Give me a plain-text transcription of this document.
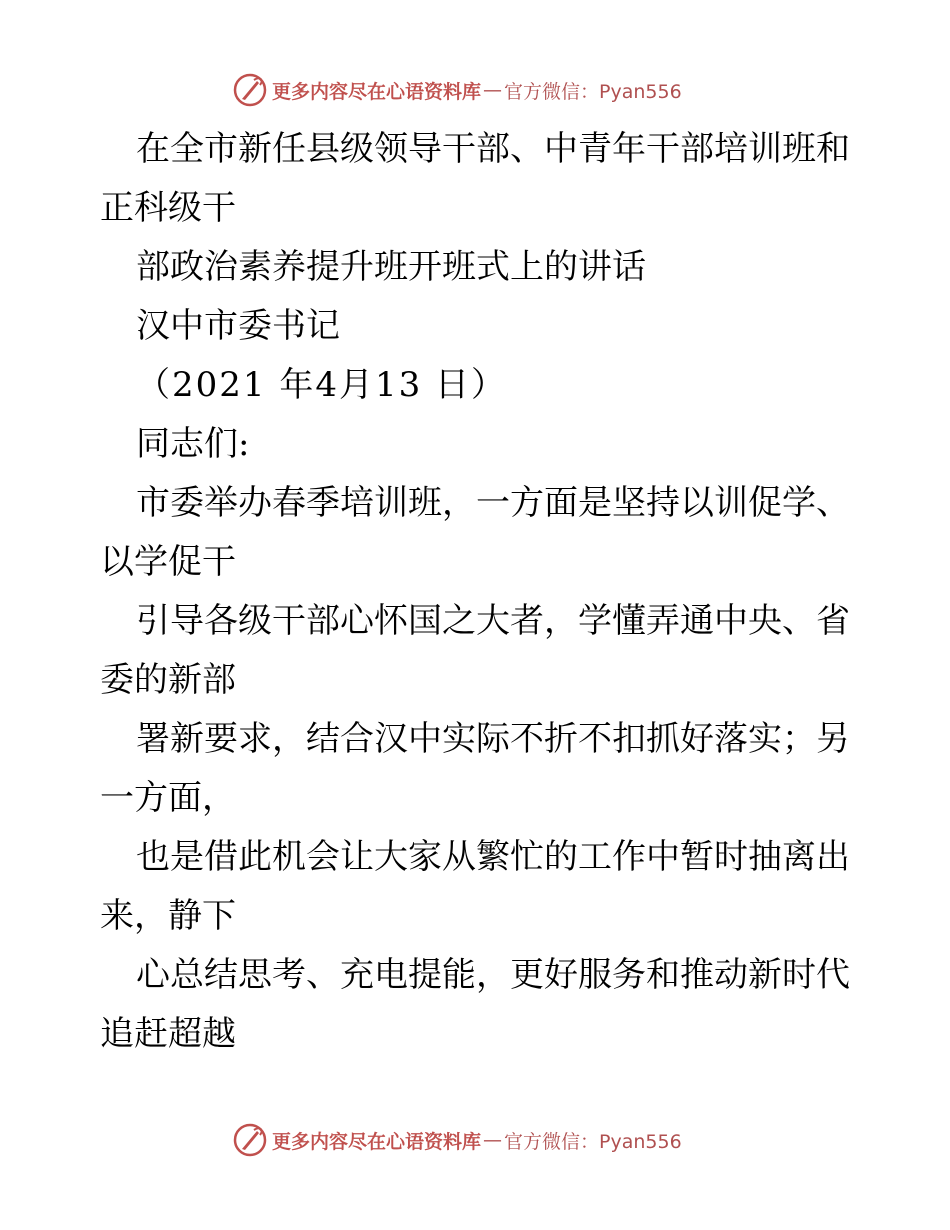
更多内容尽在心语资料库 — 官方微信：Pyan556
在全市新任县级领导干部、中青年干部培训班和
正科级干
部政治素养提升班开班式上的讲话
汉中市委书记
（2021 年4月13 日）
同志们:
市委举办春季培训班，一方面是坚持以训促学、
以学促干
引导各级干部心怀国之大者，学懂弄通中央、省
委的新部
署新要求，结合汉中实际不折不扣抓好落实；另
一方面，
也是借此机会让大家从繁忙的工作中暂时抽离出
来，静下
心总结思考、充电提能，更好服务和推动新时代
追赶超越
更多内容尽在心语资料库 — 官方微信：Pyan556
